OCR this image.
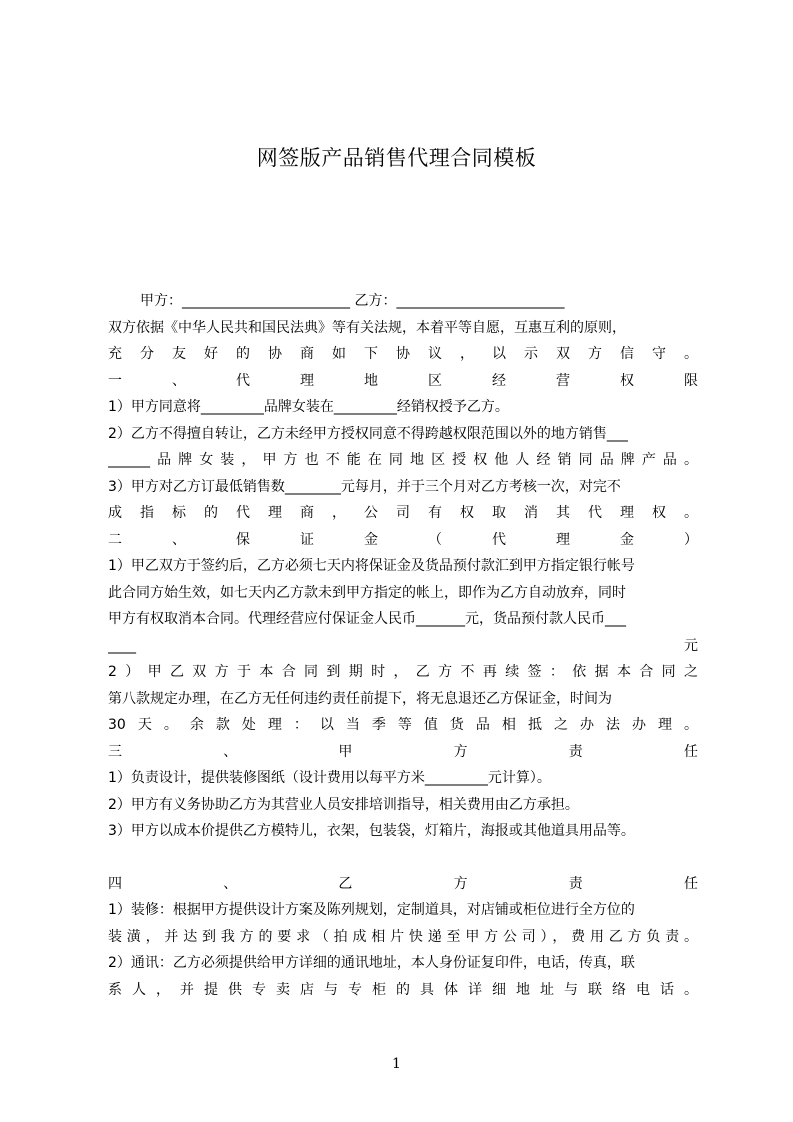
网签版产品销售代理合同模板
甲方：________________________ 乙方：________________________
双方依据《中华人民共和国民法典》等有关法规，本着平等自愿，互惠互利的原则，
充分友好的协商如下协议，以示双方信守。
一、代理地区经营权限
1）甲方同意将_________品牌女装在_________经销权授予乙方。
2）乙方不得擅自转让，乙方未经甲方授权同意不得跨越权限范围以外的地方销售___
______品牌女装，甲方也不能在同地区授权他人经销同品牌产品。
3）甲方对乙方订最低销售数________元每月，并于三个月对乙方考核一次，对完不
成指标的代理商，公司有权取消其代理权。
二、保证金（代理金）
1）甲乙双方于签约后，乙方必须七天内将保证金及货品预付款汇到甲方指定银行帐号
此合同方始生效，如七天内乙方款未到甲方指定的帐上，即作为乙方自动放弃，同时
甲方有权取消本合同。代理经营应付保证金人民币_______元，货品预付款人民币___
____元
2）甲乙双方于本合同到期时，乙方不再续签：依据本合同之
第八款规定办理，在乙方无任何违约责任前提下，将无息退还乙方保证金，时间为
30天。余款处理：以当季等值货品相抵之办法办理。
三、甲方责任
1）负责设计，提供装修图纸（设计费用以每平方米_________元计算）。
2）甲方有义务协助乙方为其营业人员安排培训指导，相关费用由乙方承担。
3）甲方以成本价提供乙方模特儿，衣架，包装袋，灯箱片，海报或其他道具用品等。
四、乙方责任
1）装修：根据甲方提供设计方案及陈列规划，定制道具，对店铺或柜位进行全方位的
装潢，并达到我方的要求（拍成相片快递至甲方公司），费用乙方负责。
2）通讯：乙方必须提供给甲方详细的通讯地址，本人身份证复印件，电话，传真，联
系人，并提供专卖店与专柜的具体详细地址与联络电话。
1
